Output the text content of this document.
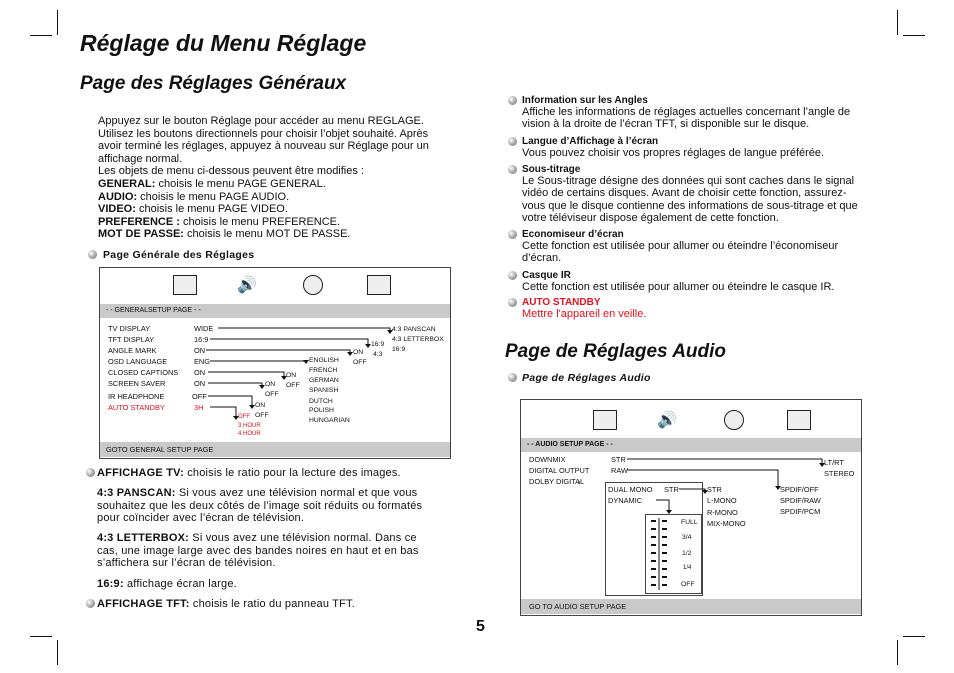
Réglage du Menu Réglage
Page des Réglages Généraux
Appuyez sur le bouton Réglage pour accéder au menu REGLAGE.
Utilisez les boutons directionnels pour choisir l’objet souhaité. Après
avoir terminé les réglages, appuyez à nouveau sur Réglage pour un
affichage normal.
Les objets de menu ci-dessous peuvent être modifies :
GENERAL: choisis le menu PAGE GENERAL.
AUDIO: choisis le menu PAGE AUDIO.
VIDEO: choisis le menu PAGE VIDEO.
PREFERENCE : choisis le menu PREFERENCE.
MOT DE PASSE: choisis le menu MOT DE PASSE.
Page Générale des Réglages
🔊
- - GENERALSETUP PAGE - -
GOTO GENERAL SETUP PAGE
TV DISPLAY	WIDE
TFT DISPLAY	16:9
ANGLE MARK	ON
OSD LANGUAGE	ENG
CLOSED CAPTIONS ON
SCREEN SAVER	ON
IR HEADPHONE	OFF
AUTO STANDBY	3H
4:3 PANSCAN
4:3 LETTERBOX
16:9
16:9
4:3
ON
OFF
ENGLISH
FRENCH
GERMAN
SPANISH
DUTCH
POLISH
HUNGARIAN
ON
OFF
ON
OFF
ON
OFF
OFF
3 HOUR
4 HOUR
AFFICHAGE TV: choisis le ratio pour la lecture des images.
4:3 PANSCAN: Si vous avez une télévision normal et que vous
souhaitez que les deux côtés de l’image soit réduits ou formatés
pour coïncider avec l’écran de télévision.
4:3 LETTERBOX: Si vous avez une télévision normal. Dans ce
cas, une image large avec des bandes noires en haut et en bas
s’affichera sur l’écran de télévision.
16:9: affichage écran large.
AFFICHAGE TFT: choisis le ratio du panneau TFT.
Information sur les Angles
Affiche les informations de réglages actuelles concernant l’angle de
vision à la droite de l’écran TFT, si disponible sur le disque.
Langue d’Affichage à l’écran
Vous pouvez choisir vos propres réglages de langue préférée.
Sous-titrage
Le Sous-titrage désigne des données qui sont caches dans le signal
vidéo de certains disques. Avant de choisir cette fonction, assurez-
vous que le disque contienne des informations de sous-titrage et que
votre téléviseur dispose également de cette fonction.
Economiseur d’écran
Cette fonction est utilisée pour allumer ou éteindre l’économiseur
d’écran.
Casque IR
Cette fonction est utilisée pour allumer ou éteindre le casque IR.
AUTO STANDBY
Mettre l'appareil en veille.
Page de Réglages Audio
Page de Réglages Audio
🔊
- - AUDIO SETUP PAGE - -
GO TO AUDIO SETUP PAGE
DOWNMIX	STR
DIGITAL OUTPUT	RAW
DOLBY DIGITAL
LT/RT
STEREO
SPDIF/OFF
SPDIF/RAW
SPDIF/PCM
DUAL MONO STR
DYNAMIC
STR
L-MONO
R-MONO
MIX-MONO
FULL
3/4
1/2
1/4
OFF
5
